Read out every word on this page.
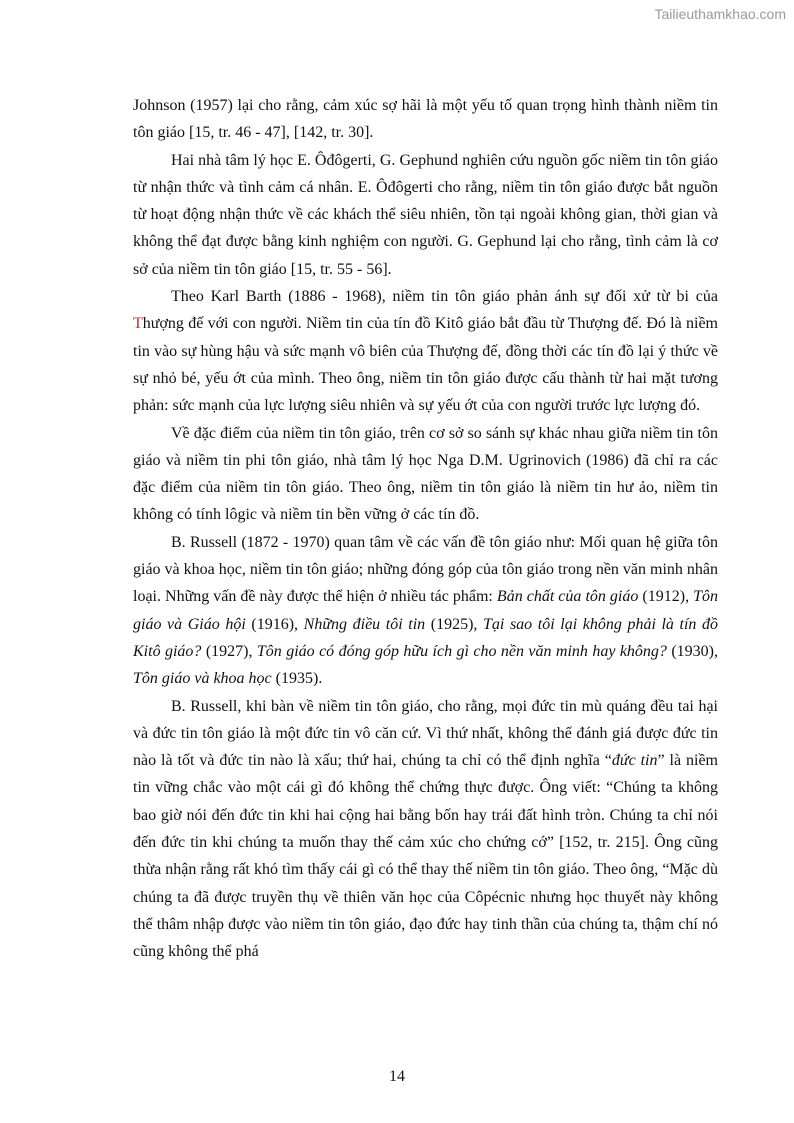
Tailieuthamkhao.com

Johnson (1957) lại cho rằng, cảm xúc sợ hãi là một yếu tố quan trọng hình thành niềm tin tôn giáo [15, tr. 46 - 47], [142, tr. 30].

Hai nhà tâm lý học E. Ôđôgerti, G. Gephund nghiên cứu nguồn gốc niềm tin tôn giáo từ nhận thức và tình cảm cá nhân. E. Ôđôgerti cho rằng, niềm tin tôn giáo được bắt nguồn từ hoạt động nhận thức về các khách thể siêu nhiên, tồn tại ngoài không gian, thời gian và không thể đạt được bằng kinh nghiệm con người. G. Gephund lại cho rằng, tình cảm là cơ sở của niềm tin tôn giáo [15, tr. 55 - 56].

Theo Karl Barth (1886 - 1968), niềm tin tôn giáo phản ánh sự đối xử từ bi của Thượng đế với con người. Niềm tin của tín đồ Kitô giáo bắt đầu từ Thượng đế. Đó là niềm tin vào sự hùng hậu và sức mạnh vô biên của Thượng đế, đồng thời các tín đồ lại ý thức về sự nhỏ bé, yếu ớt của mình. Theo ông, niềm tin tôn giáo được cấu thành từ hai mặt tương phản: sức mạnh của lực lượng siêu nhiên và sự yếu ớt của con người trước lực lượng đó.

Về đặc điểm của niềm tin tôn giáo, trên cơ sở so sánh sự khác nhau giữa niềm tin tôn giáo và niềm tin phi tôn giáo, nhà tâm lý học Nga D.M. Ugrinovich (1986) đã chỉ ra các đặc điểm của niềm tin tôn giáo. Theo ông, niềm tin tôn giáo là niềm tin hư ảo, niềm tin không có tính lôgic và niềm tin bền vững ở các tín đồ.

B. Russell (1872 - 1970) quan tâm về các vấn đề tôn giáo như: Mối quan hệ giữa tôn giáo và khoa học, niềm tin tôn giáo; những đóng góp của tôn giáo trong nền văn minh nhân loại. Những vấn đề này được thể hiện ở nhiều tác phẩm: Bản chất của tôn giáo (1912), Tôn giáo và Giáo hội (1916), Những điều tôi tin (1925), Tại sao tôi lại không phải là tín đồ Kitô giáo? (1927), Tôn giáo có đóng góp hữu ích gì cho nền văn minh hay không? (1930), Tôn giáo và khoa học (1935).

B. Russell, khi bàn về niềm tin tôn giáo, cho rằng, mọi đức tin mù quáng đều tai hại và đức tin tôn giáo là một đức tin vô căn cứ. Vì thứ nhất, không thể đánh giá được đức tin nào là tốt và đức tin nào là xấu; thứ hai, chúng ta chỉ có thể định nghĩa “đức tin” là niềm tin vững chắc vào một cái gì đó không thể chứng thực được. Ông viết: “Chúng ta không bao giờ nói đến đức tin khi hai cộng hai bằng bốn hay trái đất hình tròn. Chúng ta chỉ nói đến đức tin khi chúng ta muốn thay thế cảm xúc cho chứng cớ” [152, tr. 215]. Ông cũng thừa nhận rằng rất khó tìm thấy cái gì có thể thay thế niềm tin tôn giáo. Theo ông, “Mặc dù chúng ta đã được truyền thụ về thiên văn học của Côpécnic nhưng học thuyết này không thể thâm nhập được vào niềm tin tôn giáo, đạo đức hay tinh thần của chúng ta, thậm chí nó cũng không thể phá

14
